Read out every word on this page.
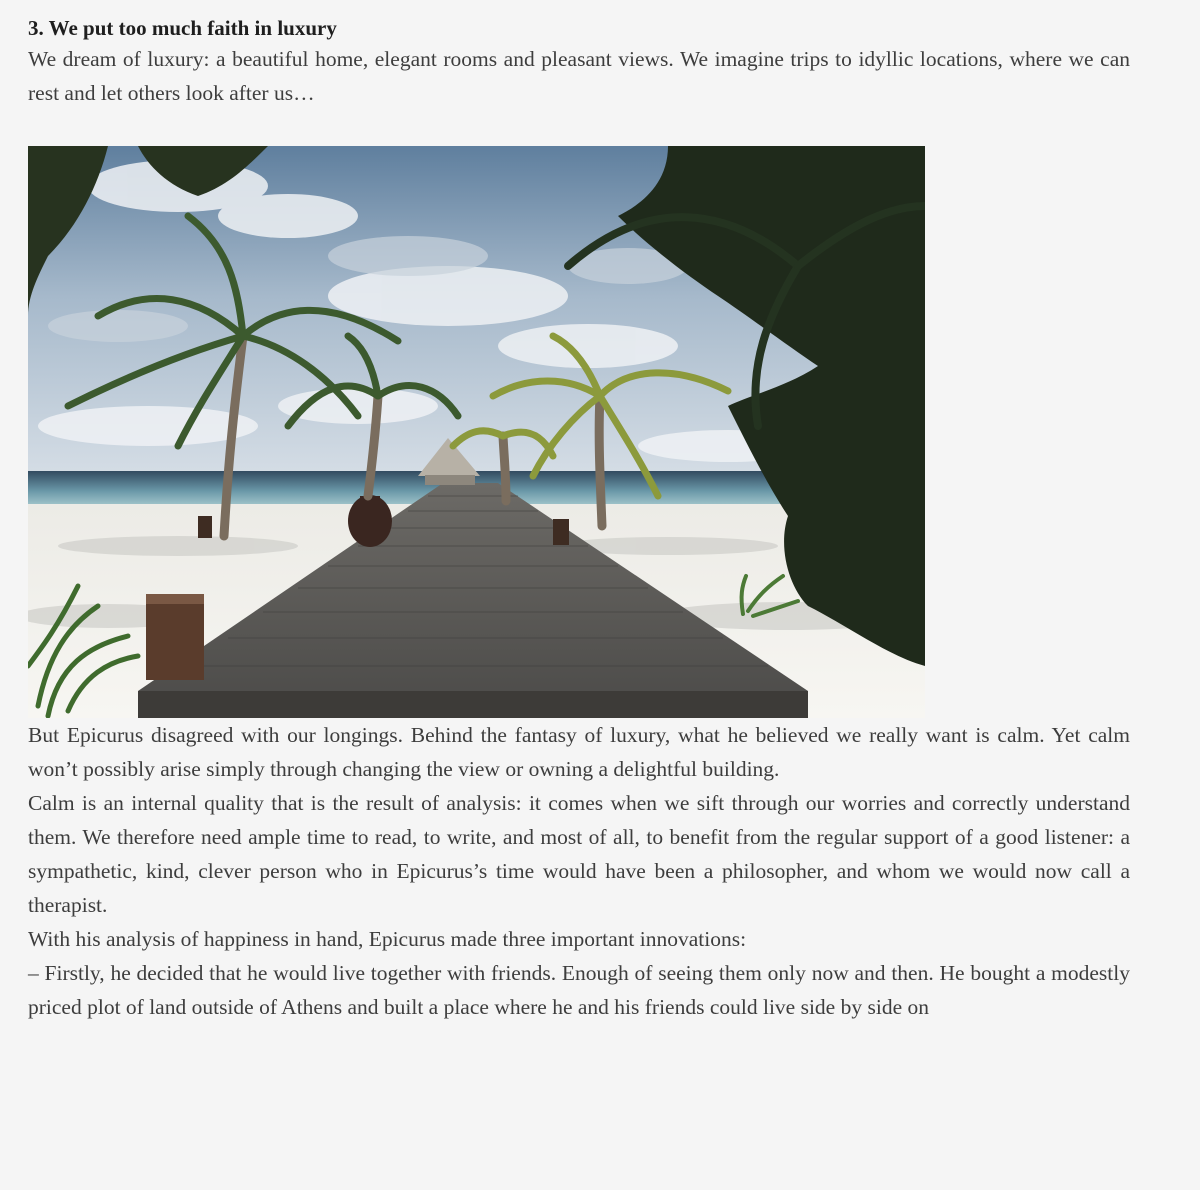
3. We put too much faith in luxury

We dream of luxury: a beautiful home, elegant rooms and pleasant views. We imagine trips to idyllic locations, where we can rest and let others look after us…

But Epicurus disagreed with our longings. Behind the fantasy of luxury, what he believed we really want is calm. Yet calm won’t possibly arise simply through changing the view or owning a delightful building.

Calm is an internal quality that is the result of analysis: it comes when we sift through our worries and correctly understand them. We therefore need ample time to read, to write, and most of all, to benefit from the regular support of a good listener: a sympathetic, kind, clever person who in Epicurus’s time would have been a philosopher, and whom we would now call a therapist.

With his analysis of happiness in hand, Epicurus made three important innovations:

– Firstly, he decided that he would live together with friends. Enough of seeing them only now and then. He bought a modestly priced plot of land outside of Athens and built a place where he and his friends could live side by side on
